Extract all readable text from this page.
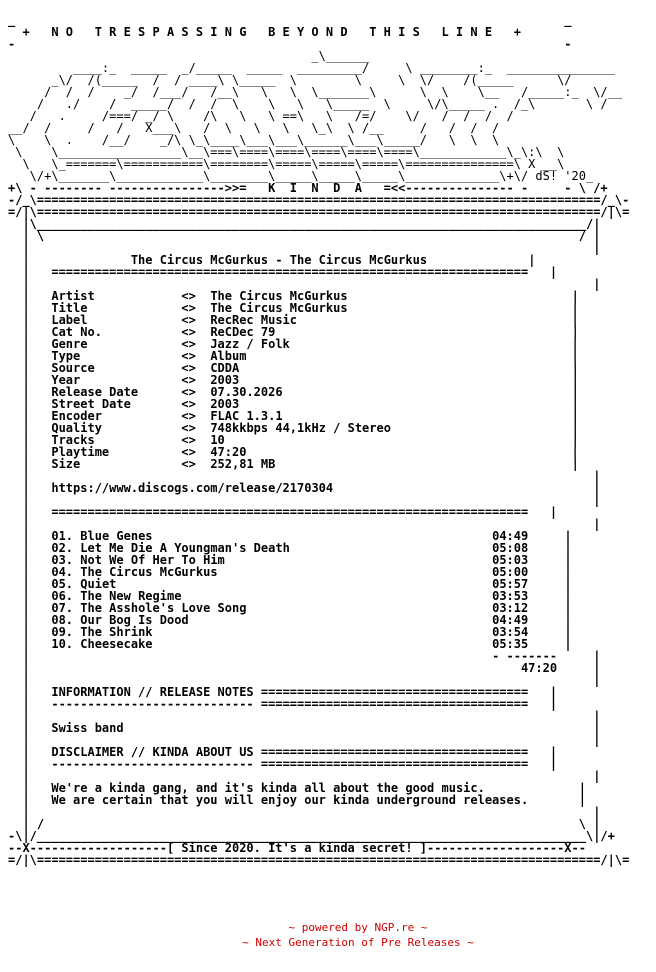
_                                                                            _
+   N O   T R E S P A S S I N G   B E Y O N D   T H I S   L I N E   +
-                                                                            -
_\______
____:_  _____  _/_____  _____  _________/     \ ________:_  _______________
_\/  /(_____  /  / ____\ \_____  \        \     \  \/    /(_____      \/
/  /  /    _/  /___/   /__\   \   \  \_______\      \  \    \__   /_____:_  \/__
/   ./    /  _____/  /  /  \    \   \   \_____  \     \/\_____ .  /_\       \ /
/   .     /===/ _/ \    /\   \   \ ==\   \   /=/    \/   /  /  /  /
__/  /     /   /   X___\   /  \   \   \   \_\  \ /__     /   /  /  /
\    \  .    /__/    _/\ \_\____\___\___\______\___\_____/   \  \  \
\    \_________________\__\===\====\====\====\====\====\____________\_\:\  \
\   \_=======\===========\========\=====\=====\=====\===============\ X __\
\/+\_______\____________\________\_____\_____\_____\_____________\+\/ dS! '20_
+\ - -------- ---------------->>=   K  I  N  D  A   =<<--------------- -     - \ /+
-/_\==============================================================================/_\-
=/|\==============================================================================/|\=
|\____________________________________________________________________________/|
| \                                                                          / |
|                                                                              |
|	The Circus McGurkus - The Circus McGurkus	|
|   ==================================================================   |
|                                                                              |
|   Artist	<> The Circus McGurkus	|
|   Title	<> The Circus McGurkus	|
|   Label	<> RecRec Music	|
|   Cat No.	<> ReCDec 79	|
|   Genre	<> Jazz / Folk	|
|   Type	<> Album	|
|   Source	<> CDDA	|
|   Year	<> 2003	|
|   Release Date	<> 07.30.2026	|
|   Street Date	<> 2003	|
|   Encoder	<> FLAC 1.3.1	|
|   Quality	<> 748kkbps 44,1kHz / Stereo	|
|   Tracks	<> 10	|
|   Playtime	<> 47:20	|
|   Size	<> 252,81 MB	|
|                                                                              |
|   https://www.discogs.com/release/2170304	|
|                                                                              |
|   ==================================================================   |
|                                                                              |
|   01. Blue Genes	04:49	|
|   02. Let Me Die A Youngman's Death	05:08	|
|   03. Not We Of Her To Him	05:03	|
|   04. The Circus McGurkus	05:00	|
|   05. Quiet	05:57	|
|   06. The New Regime	03:53	|
|   07. The Asshole's Love Song	03:12	|
|   08. Our Bog Is Dood	04:49	|
|   09. The Shrink	03:54	|
|   10. Cheesecake	05:35	|
|                                                                - -------	|
|	47:20	|
|                                                                              |
|   INFORMATION // RELEASE NOTES =====================================   |
|   ---------------------------- =====================================   |
|                                                                              |
|   Swiss band	|
|                                                                              |
|   DISCLAIMER // KINDA ABOUT US =====================================   |
|   ---------------------------- =====================================   |
|                                                                              |
|   We're a kinda gang, and it's kinda all about the good music.	|
|   We are certain that you will enjoy our kinda underground releases.	|
|                                                                              |
| /                                                                          \ |
-\|/____________________________________________________________________________\|/+
--X-------------------[ Since 2020. It's a kinda secret! ]-------------------X--
=/|\==============================================================================/|\=
~ powered by NGP.re ~
~ Next Generation of Pre Releases ~
